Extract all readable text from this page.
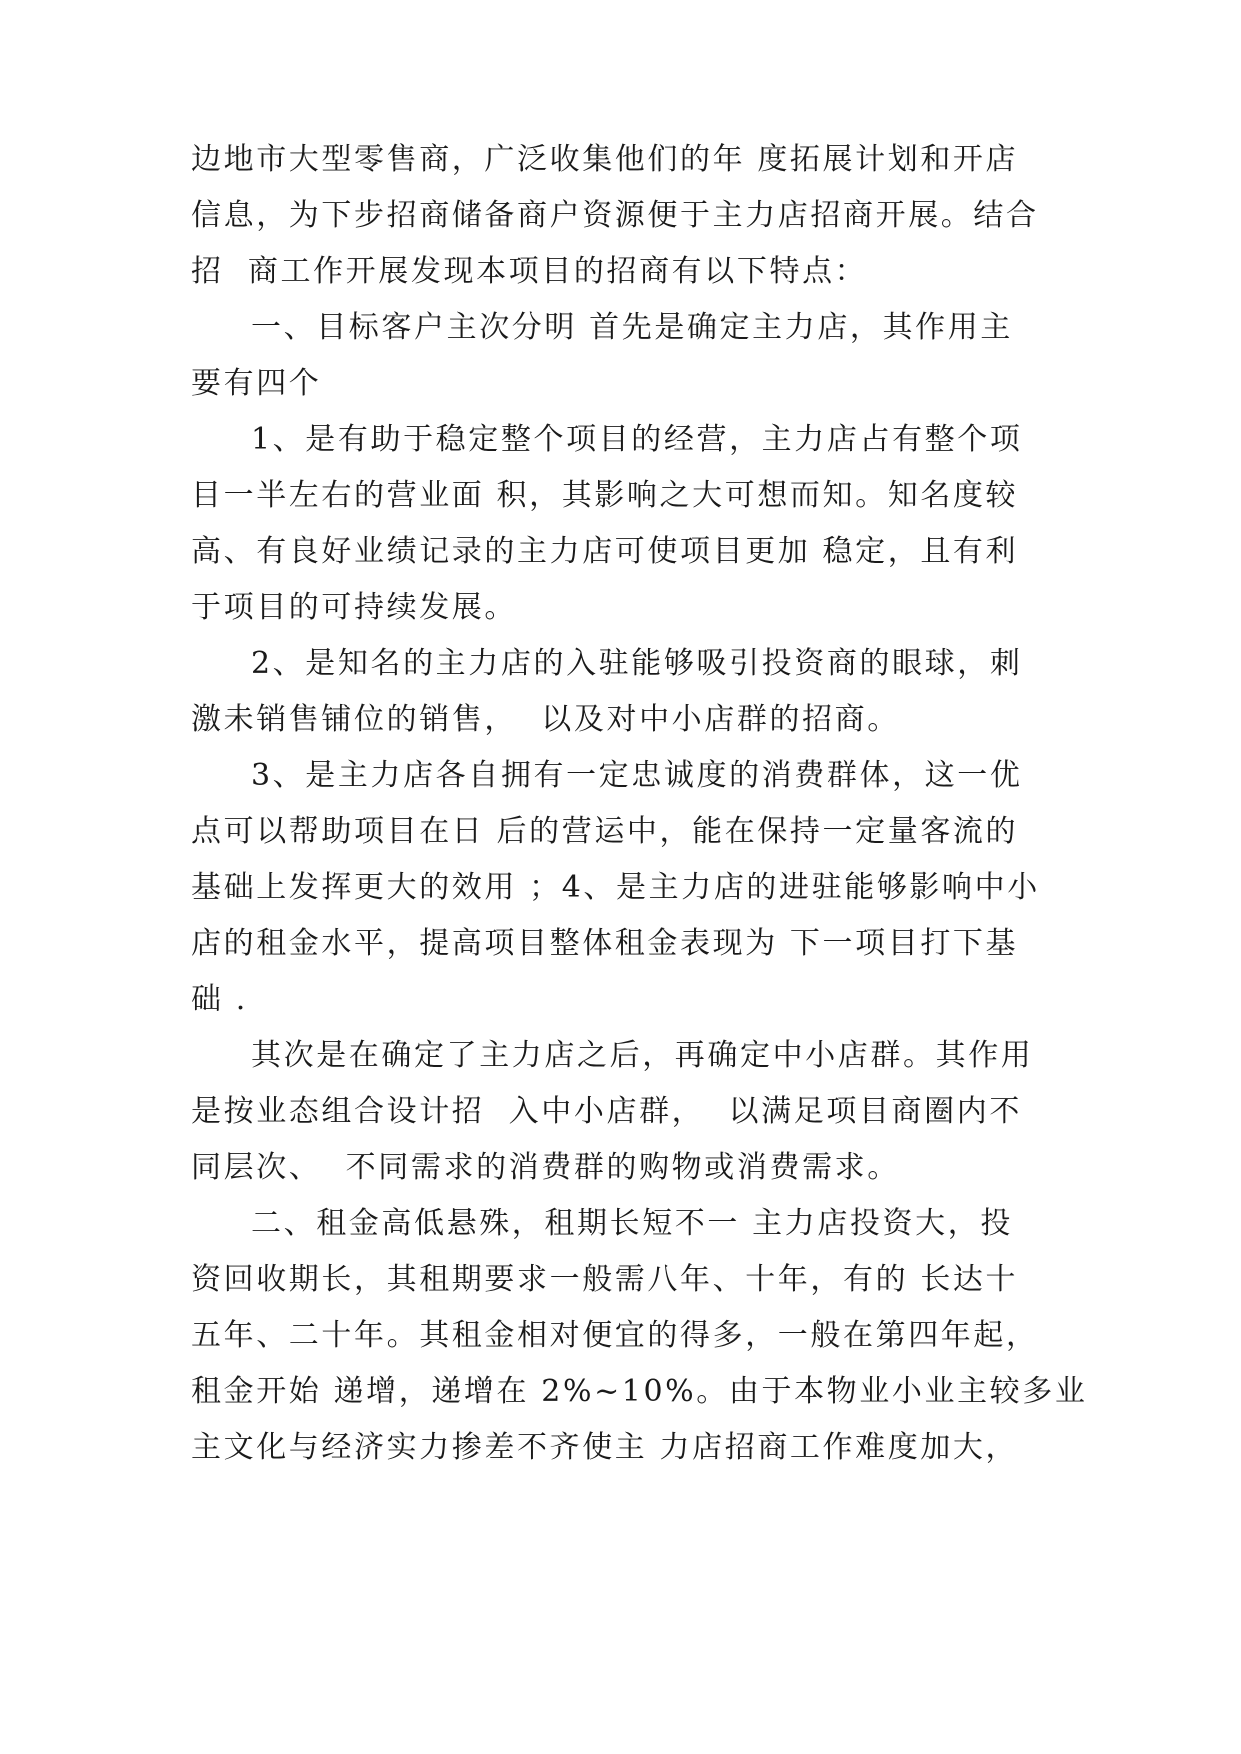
边地市大型零售商，广泛收集他们的年 度拓展计划和开店
信息，为下步招商储备商户资源便于主力店招商开展。结合
招  商工作开展发现本项目的招商有以下特点：
一、目标客户主次分明 首先是确定主力店，其作用主
要有四个
1、是有助于稳定整个项目的经营，主力店占有整个项
目一半左右的营业面 积，其影响之大可想而知。知名度较
高、有良好业绩记录的主力店可使项目更加 稳定，且有利
于项目的可持续发展。
2、是知名的主力店的入驻能够吸引投资商的眼球，刺
激未销售铺位的销售，  以及对中小店群的招商。
3、是主力店各自拥有一定忠诚度的消费群体，这一优
点可以帮助项目在日 后的营运中，能在保持一定量客流的
基础上发挥更大的效用 ；4、是主力店的进驻能够影响中小
店的租金水平，提高项目整体租金表现为 下一项目打下基
础 .
其次是在确定了主力店之后，再确定中小店群。其作用
是按业态组合设计招  入中小店群，  以满足项目商圈内不
同层次、  不同需求的消费群的购物或消费需求。
二、租金高低悬殊，租期长短不一 主力店投资大，投
资回收期长，其租期要求一般需八年、十年，有的 长达十
五年、二十年。其租金相对便宜的得多，一般在第四年起，
租金开始 递增，递增在 2%~10%。由于本物业小业主较多业
主文化与经济实力掺差不齐使主 力店招商工作难度加大，
